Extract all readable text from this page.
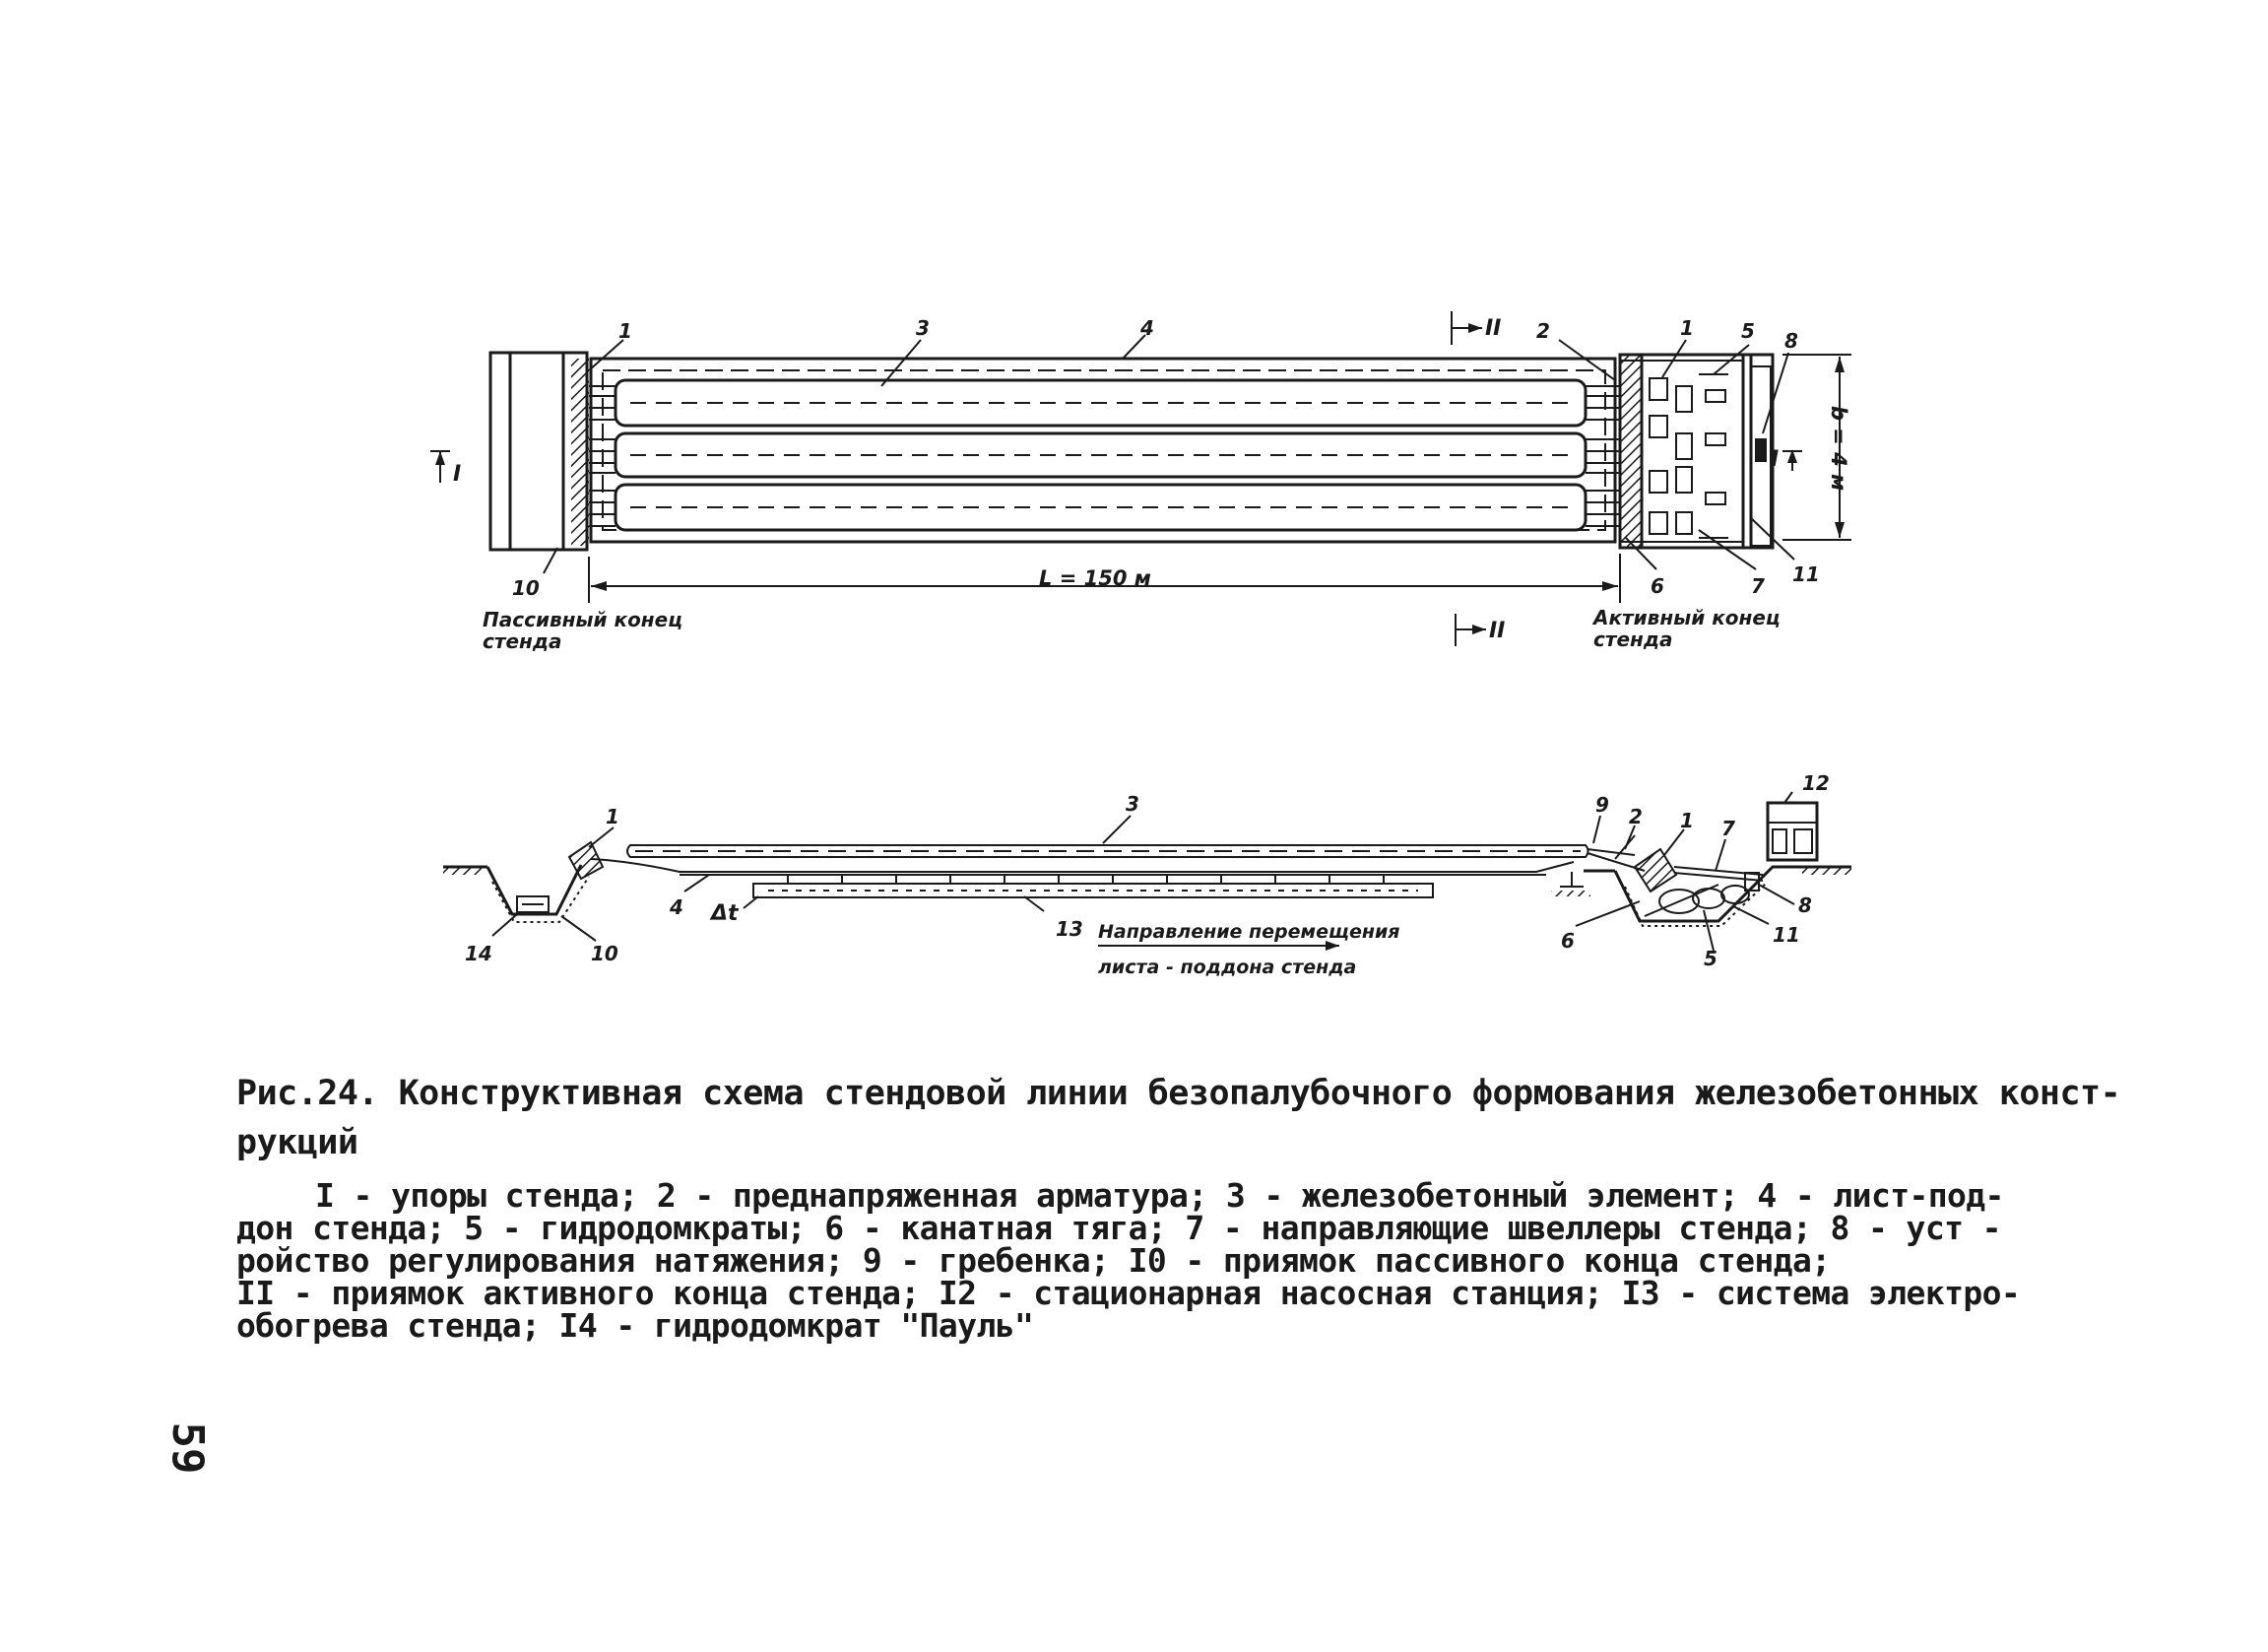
1	3	4	2	1 5 8
II
II
I
I
10	6	7 11
L = 150 м
b = 4 м
Пассивный конец
стенда
Активный конец
стенда
3
1
4
14	10
Δt
13 Направление перемещения
листа - поддона стенда
9 2 1 7
12
8
6
5
11

Рис.24. Конструктивная схема стендовой линии безопалубочного формования железобетонных конст-рукций

I - упоры стенда; 2 - преднапряженная арматура; 3 - железобетонный элемент; 4 - лист-под-
дон стенда; 5 - гидродомкраты; 6 - канатная тяга; 7 - направляющие швеллеры стенда; 8 - уст -
ройство регулирования натяжения; 9 - гребенка; I0 - приямок пассивного конца стенда;
II - приямок активного конца стенда; I2 - стационарная насосная станция; I3 - система электро-
обогрева стенда; I4 - гидродомкрат "Пауль"
59
